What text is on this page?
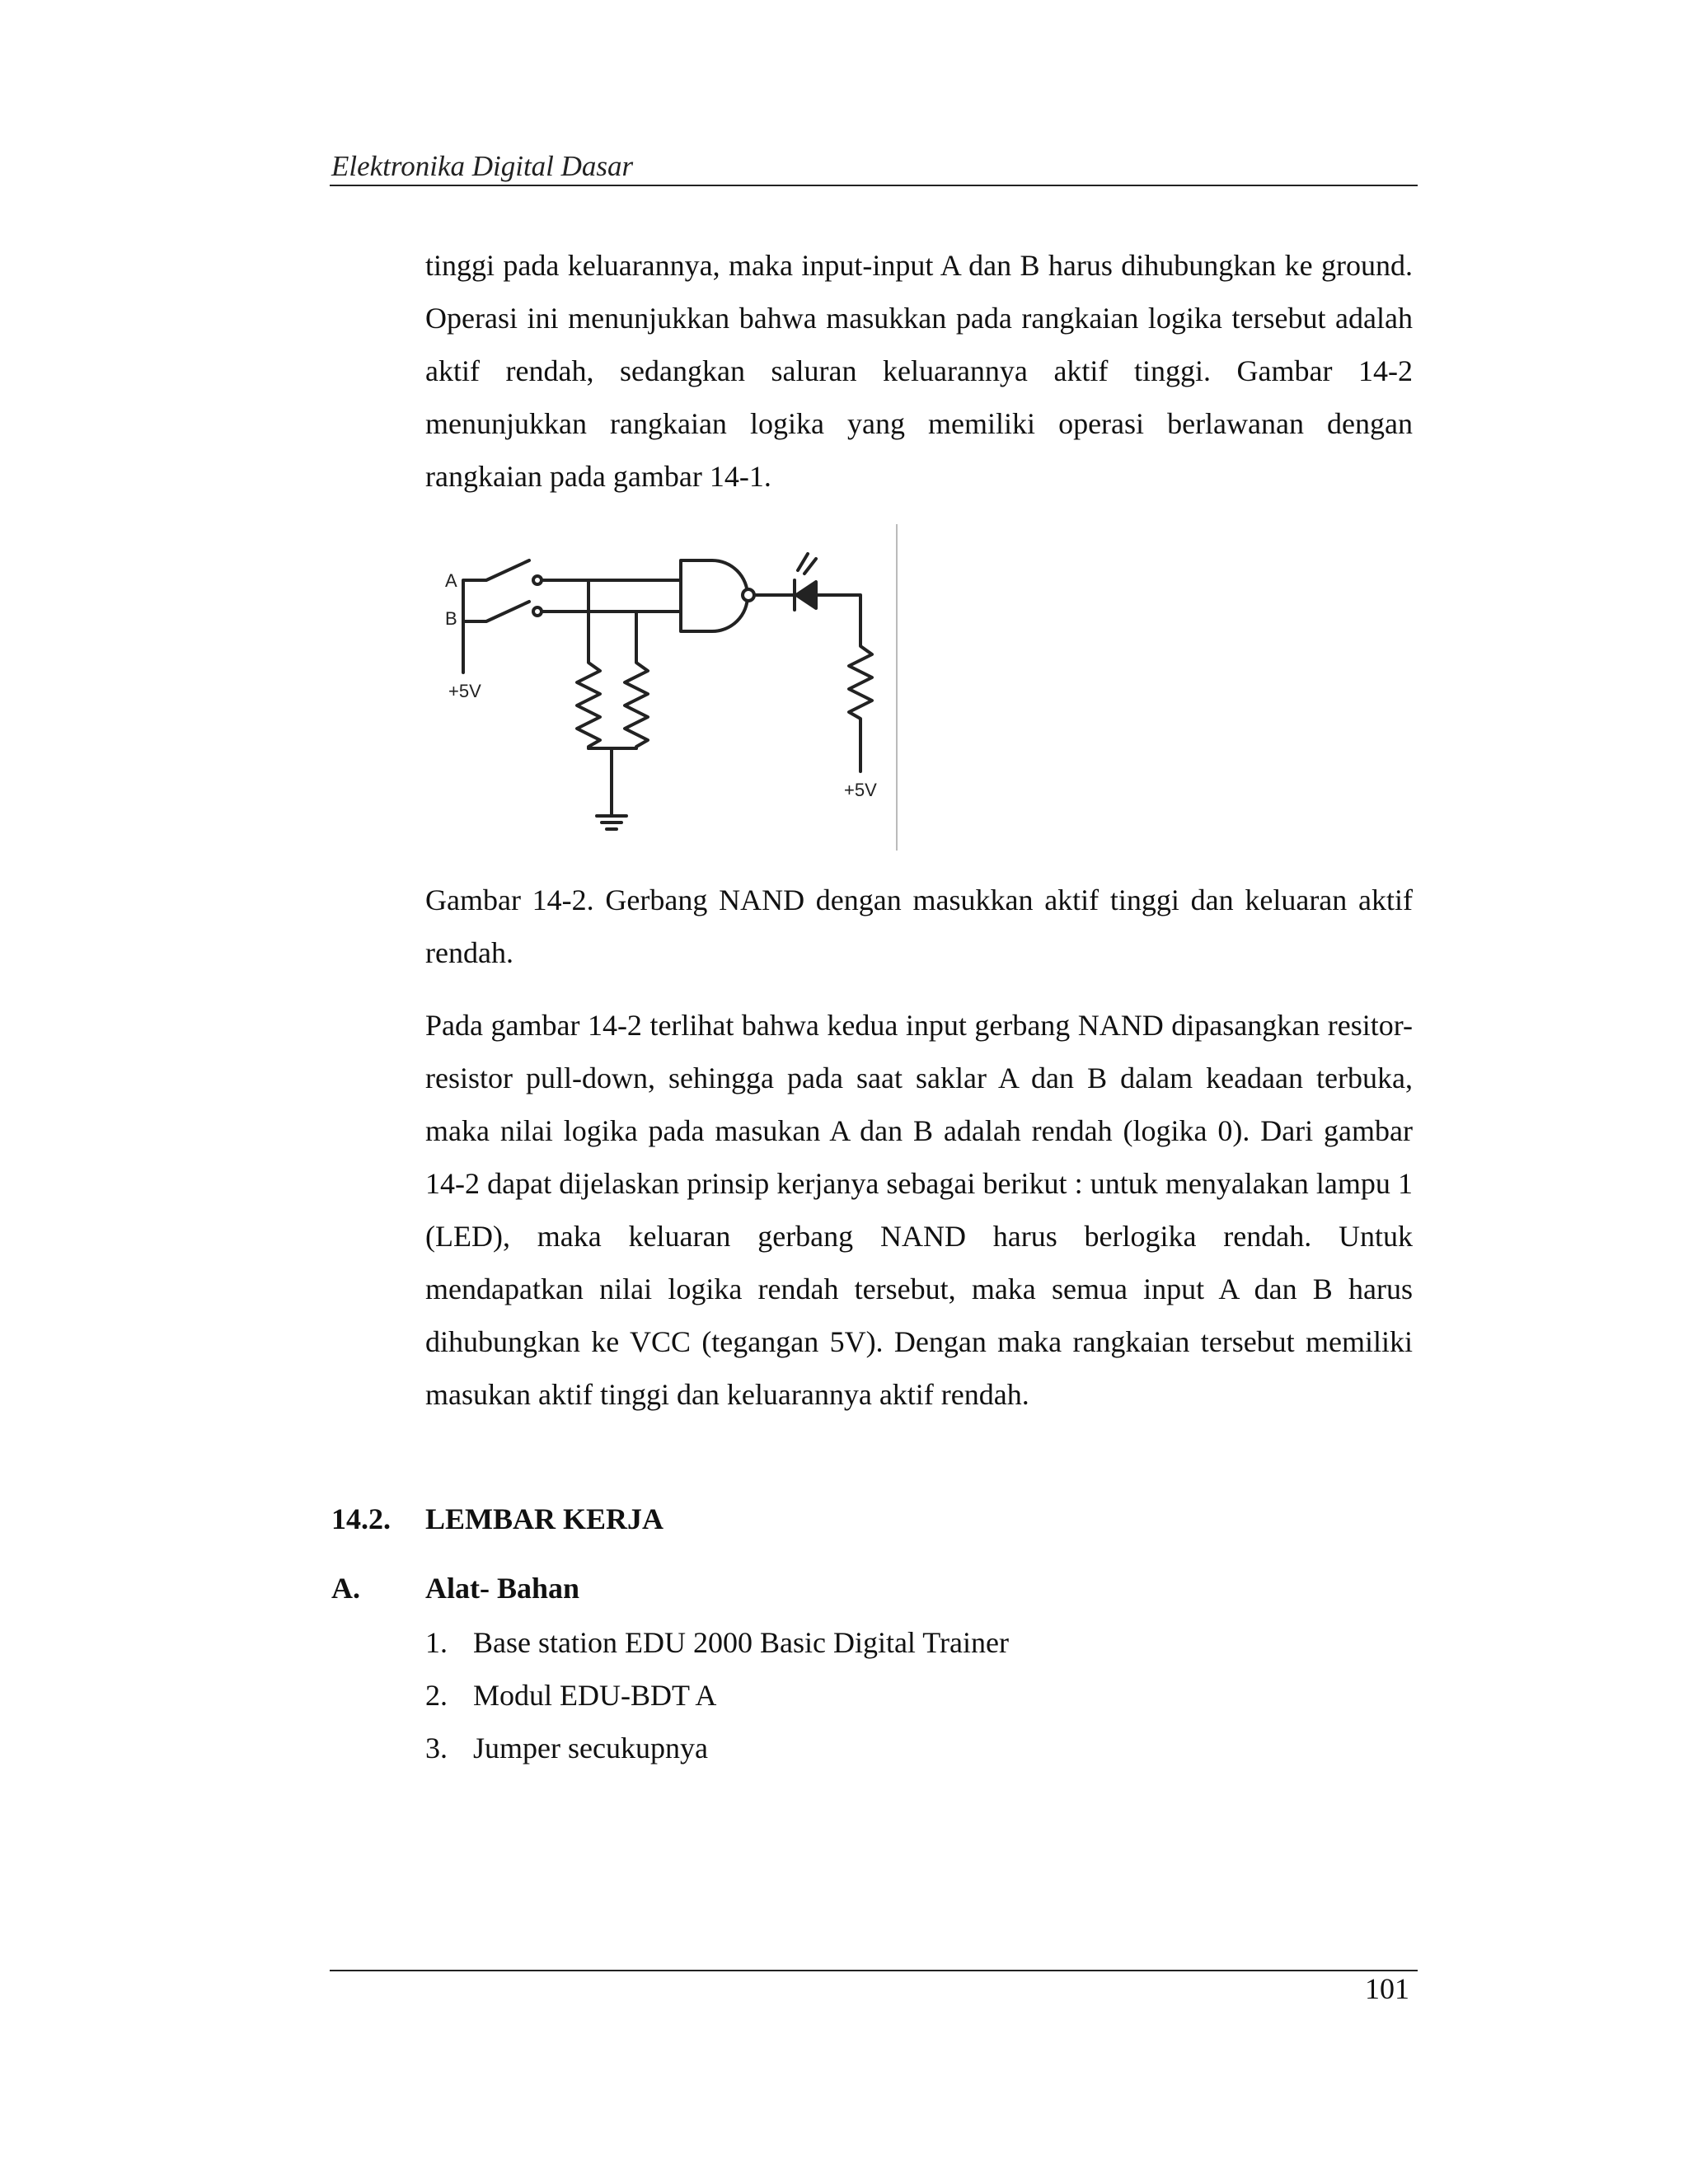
Elektronika Digital Dasar

tinggi pada keluarannya, maka input-input A dan B harus dihubungkan ke ground. Operasi ini menunjukkan bahwa masukkan pada rangkaian logika tersebut adalah aktif rendah, sedangkan saluran keluarannya aktif tinggi. Gambar 14-2 menunjukkan rangkaian logika yang memiliki operasi berlawanan dengan rangkaian pada gambar 14-1.

A
B
+5V
+5V

Gambar 14-2. Gerbang NAND dengan masukkan aktif tinggi dan keluaran aktif rendah.

Pada gambar 14-2 terlihat bahwa kedua input gerbang NAND dipasangkan resitor-resistor pull-down, sehingga pada saat saklar A dan B dalam keadaan terbuka, maka nilai logika pada masukan A dan B adalah rendah (logika 0). Dari gambar 14-2 dapat dijelaskan prinsip kerjanya sebagai berikut : untuk menyalakan lampu 1 (LED), maka keluaran gerbang NAND harus berlogika rendah. Untuk mendapatkan nilai logika rendah tersebut, maka semua input A dan B harus dihubungkan ke VCC (tegangan 5V). Dengan maka rangkaian tersebut memiliki masukan aktif tinggi dan keluarannya aktif rendah.

14.2. LEMBAR KERJA
A. Alat- Bahan
1. Base station EDU 2000 Basic Digital Trainer
2. Modul EDU-BDT A
3. Jumper secukupnya
101
